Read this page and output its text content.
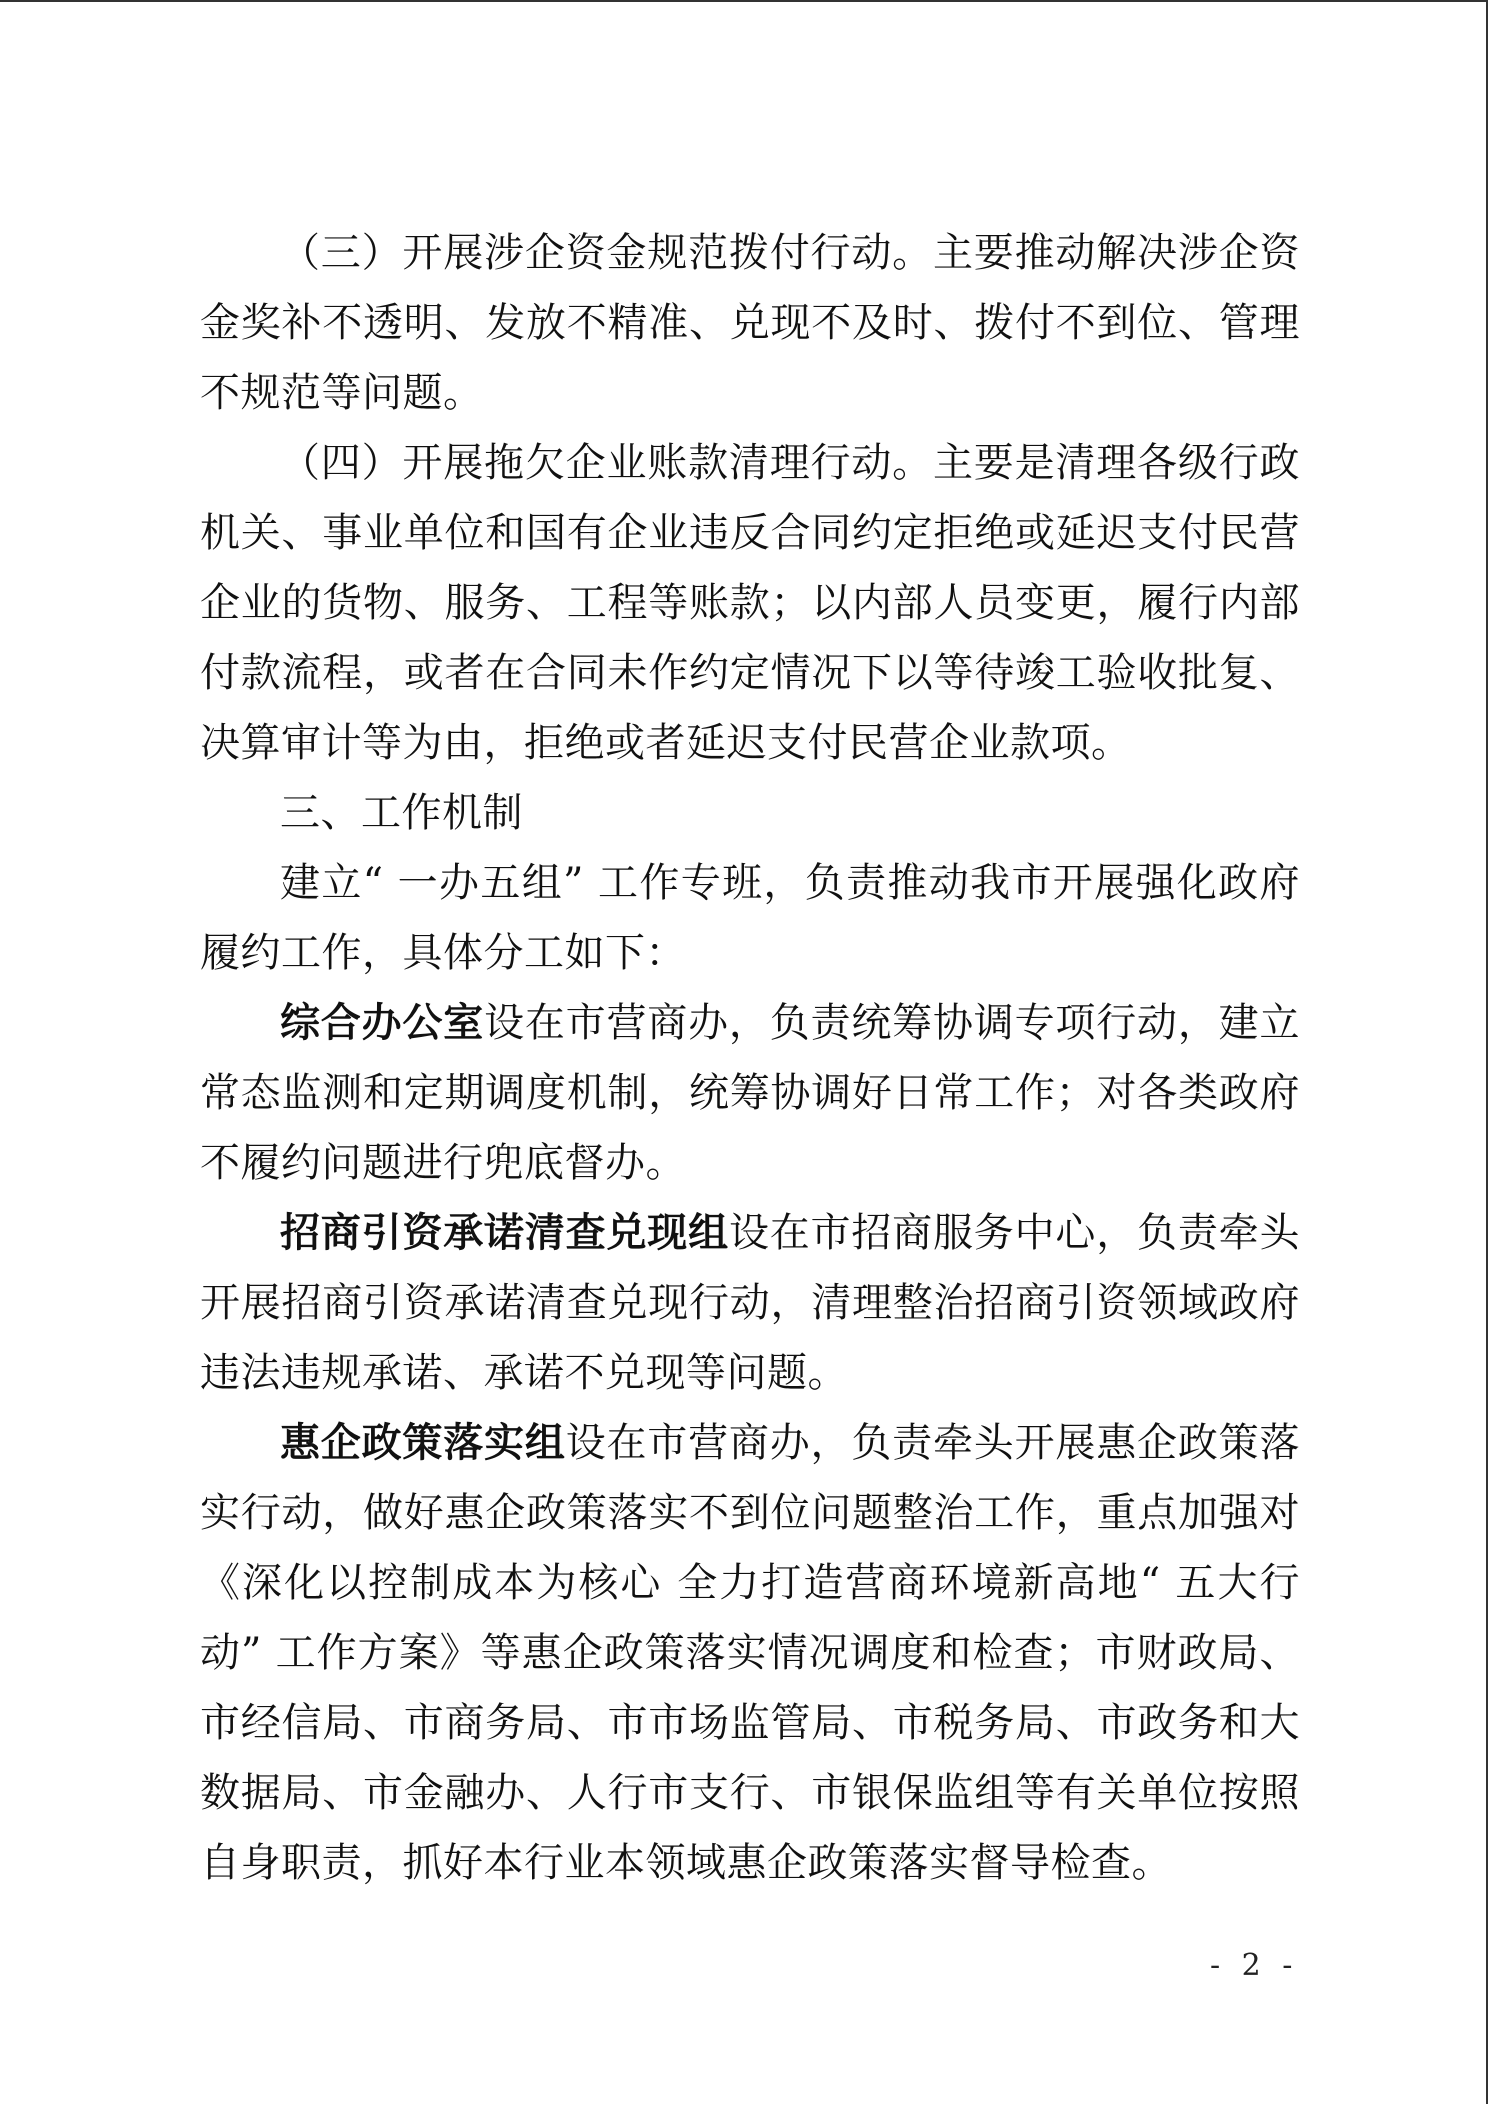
（三）开展涉企资金规范拨付行动。主要推动解决涉企资金奖补不透明、发放不精准、兑现不及时、拨付不到位、管理不规范等问题。

（四）开展拖欠企业账款清理行动。主要是清理各级行政机关、事业单位和国有企业违反合同约定拒绝或延迟支付民营企业的货物、服务、工程等账款；以内部人员变更，履行内部付款流程，或者在合同未作约定情况下以等待竣工验收批复、决算审计等为由，拒绝或者延迟支付民营企业款项。

三、工作机制

建立“ 一办五组” 工作专班，负责推动我市开展强化政府履约工作，具体分工如下：

综合办公室设在市营商办，负责统筹协调专项行动，建立常态监测和定期调度机制，统筹协调好日常工作；对各类政府不履约问题进行兜底督办。

招商引资承诺清查兑现组设在市招商服务中心，负责牵头开展招商引资承诺清查兑现行动，清理整治招商引资领域政府违法违规承诺、承诺不兑现等问题。

惠企政策落实组设在市营商办，负责牵头开展惠企政策落实行动，做好惠企政策落实不到位问题整治工作，重点加强对《深化以控制成本为核心 全力打造营商环境新高地“ 五大行动” 工作方案》等惠企政策落实情况调度和检查；市财政局、市经信局、市商务局、市市场监管局、市税务局、市政务和大数据局、市金融办、人行市支行、市银保监组等有关单位按照自身职责，抓好本行业本领域惠企政策落实督导检查。

- 2 -
